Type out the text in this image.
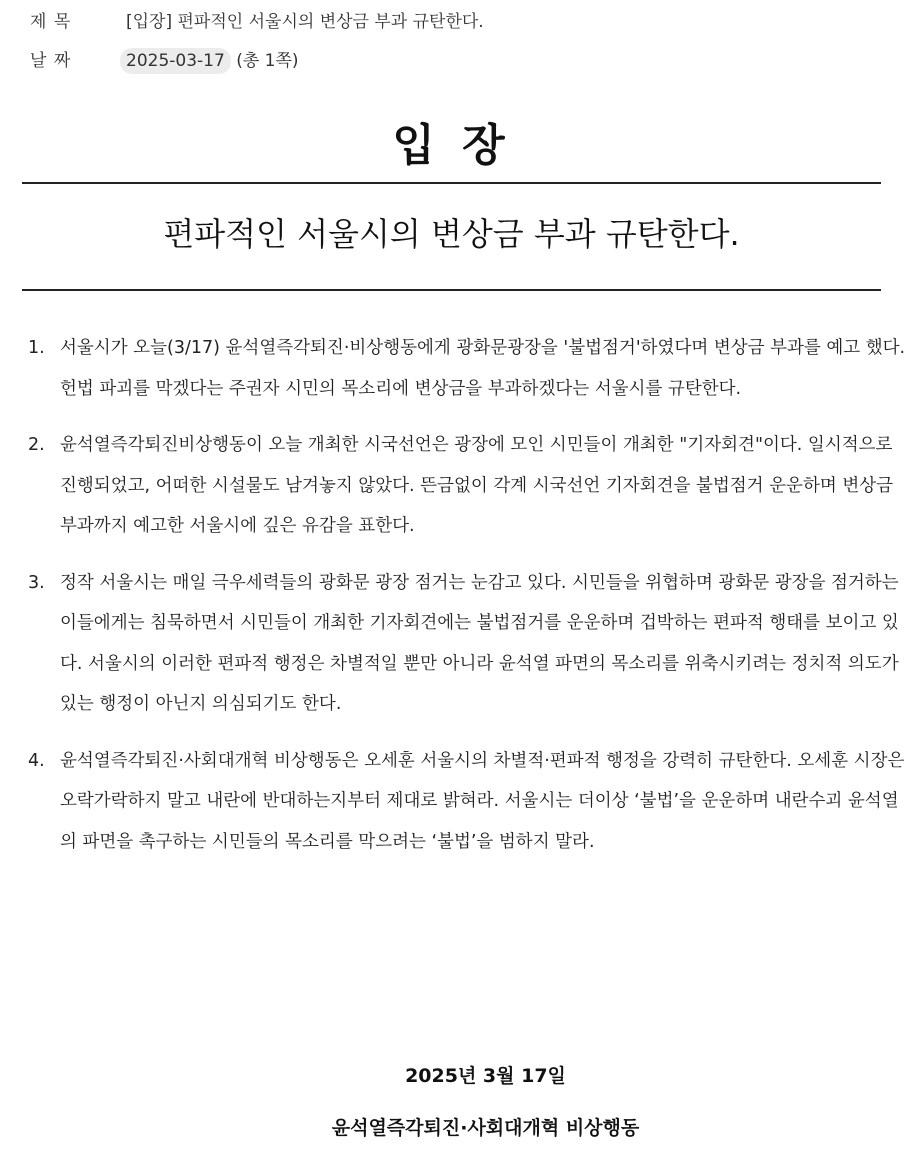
제 목	[입장] 편파적인 서울시의 변상금 부과 규탄한다.
날 짜	2025-03-17 (총 1쪽)
입 장
편파적인 서울시의 변상금 부과 규탄한다.
1. 서울시가 오늘(3/17) 윤석열즉각퇴진·비상행동에게 광화문광장을 '불법점거'하였다며 변상금 부과를 예고 했다. 헌법 파괴를 막겠다는 주권자 시민의 목소리에 변상금을 부과하겠다는 서울시를 규탄한다.
2. 윤석열즉각퇴진비상행동이 오늘 개최한 시국선언은 광장에 모인 시민들이 개최한 "기자회견"이다. 일시적으로 진행되었고, 어떠한 시설물도 남겨놓지 않았다. 뜬금없이 각계 시국선언 기자회견을 불법점거 운운하며 변상금 부과까지 예고한 서울시에 깊은 유감을 표한다.
3. 정작 서울시는 매일 극우세력들의 광화문 광장 점거는 눈감고 있다. 시민들을 위협하며 광화문 광장을 점거하는 이들에게는 침묵하면서 시민들이 개최한 기자회견에는 불법점거를 운운하며 겁박하는 편파적 행태를 보이고 있다. 서울시의 이러한 편파적 행정은 차별적일 뿐만 아니라 윤석열 파면의 목소리를 위축시키려는 정치적 의도가 있는 행정이 아닌지 의심되기도 한다.
4. 윤석열즉각퇴진·사회대개혁 비상행동은 오세훈 서울시의 차별적·편파적 행정을 강력히 규탄한다. 오세훈 시장은 오락가락하지 말고 내란에 반대하는지부터 제대로 밝혀라. 서울시는 더이상 ‘불법’을 운운하며 내란수괴 윤석열의 파면을 촉구하는 시민들의 목소리를 막으려는 ‘불법’을 범하지 말라.
2025년 3월 17일
윤석열즉각퇴진·사회대개혁 비상행동
